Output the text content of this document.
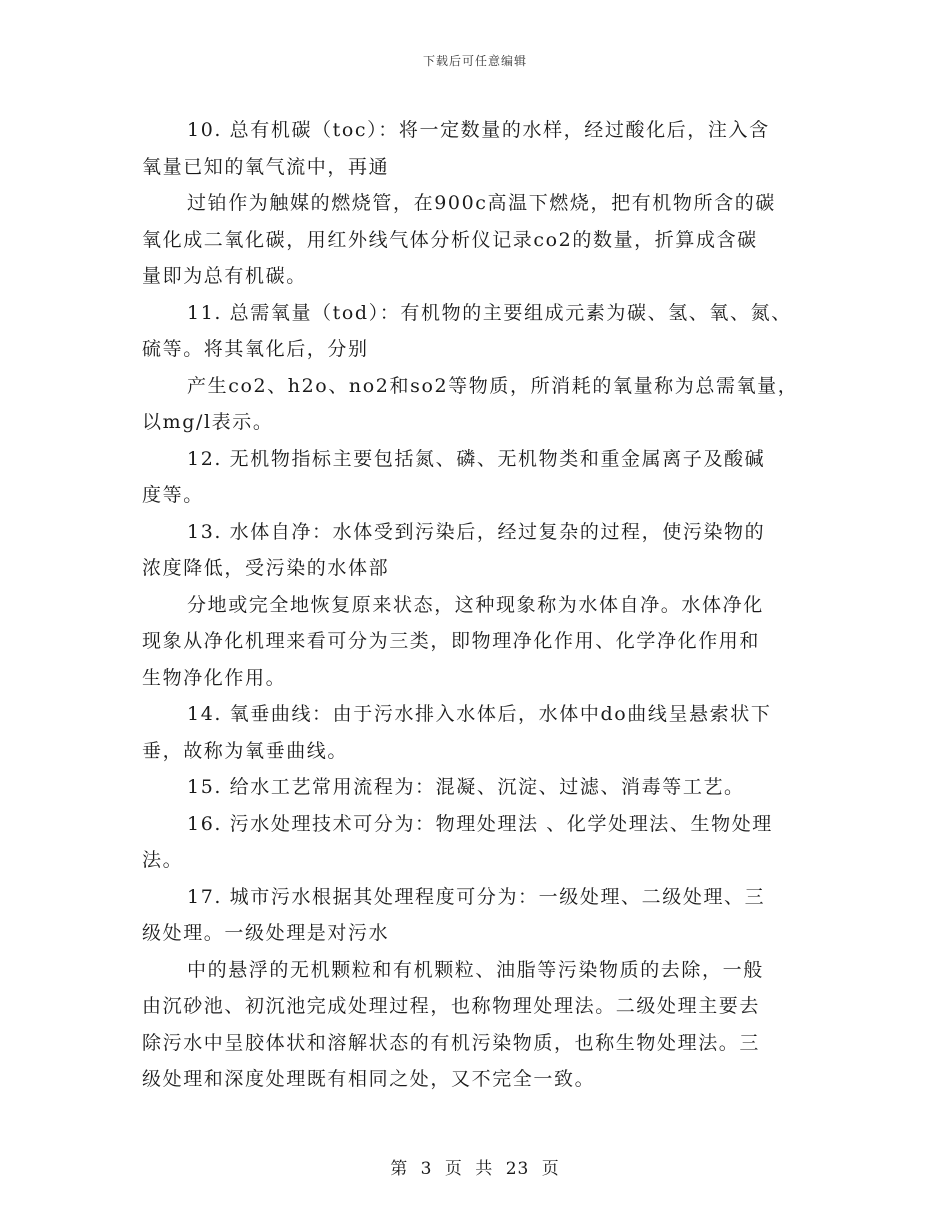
下载后可任意编辑
10. 总有机碳（toc）：将一定数量的水样，经过酸化后，注入含
氧量已知的氧气流中，再通
过铂作为触媒的燃烧管，在900c高温下燃烧，把有机物所含的碳
氧化成二氧化碳，用红外线气体分析仪记录co2的数量，折算成含碳
量即为总有机碳。
11. 总需氧量（tod）：有机物的主要组成元素为碳、氢、氧、氮、
硫等。将其氧化后，分别
产生co2、h2o、no2和so2等物质，所消耗的氧量称为总需氧量，
以mg/l表示。
12. 无机物指标主要包括氮、磷、无机物类和重金属离子及酸碱
度等。
13. 水体自净：水体受到污染后，经过复杂的过程，使污染物的
浓度降低，受污染的水体部
分地或完全地恢复原来状态，这种现象称为水体自净。水体净化
现象从净化机理来看可分为三类，即物理净化作用、化学净化作用和
生物净化作用。
14. 氧垂曲线：由于污水排入水体后，水体中do曲线呈悬索状下
垂，故称为氧垂曲线。
15. 给水工艺常用流程为：混凝、沉淀、过滤、消毒等工艺。
16. 污水处理技术可分为：物理处理法 、化学处理法、生物处理
法。
17. 城市污水根据其处理程度可分为：一级处理、二级处理、三
级处理。一级处理是对污水
中的悬浮的无机颗粒和有机颗粒、油脂等污染物质的去除，一般
由沉砂池、初沉池完成处理过程，也称物理处理法。二级处理主要去
除污水中呈胶体状和溶解状态的有机污染物质，也称生物处理法。三
级处理和深度处理既有相同之处，又不完全一致。
第 3 页 共 23 页
